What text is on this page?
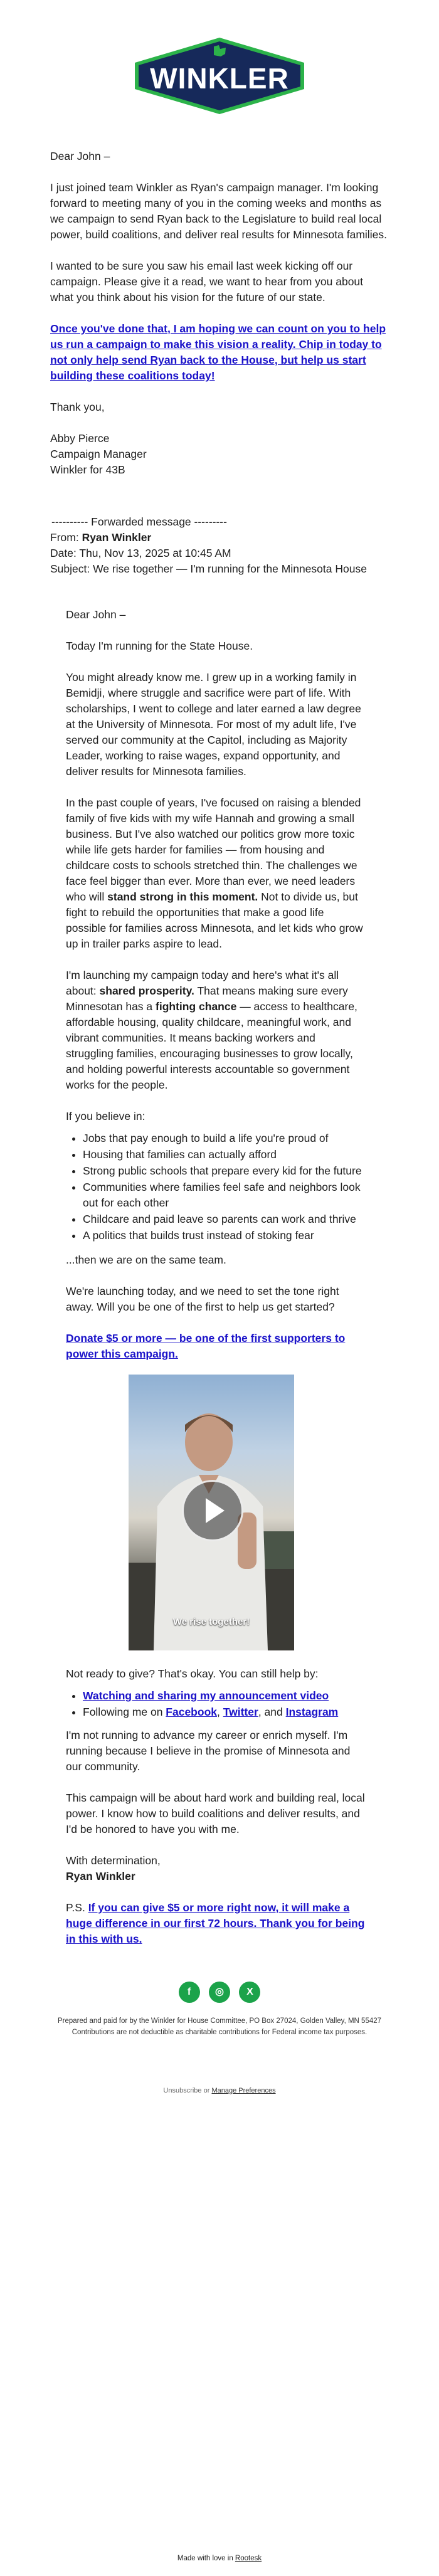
WINKLER

Dear John –

I just joined team Winkler as Ryan's campaign manager. I'm looking forward to meeting many of you in the coming weeks and months as we campaign to send Ryan back to the Legislature to build real local power, build coalitions, and deliver real results for Minnesota families.

I wanted to be sure you saw his email last week kicking off our campaign. Please give it a read, we want to hear from you about what you think about his vision for the future of our state.

Once you've done that, I am hoping we can count on you to help us run a campaign to make this vision a reality. Chip in today to not only help send Ryan back to the House, but help us start building these coalitions today!

Thank you,

Abby Pierce
Campaign Manager
Winkler for 43B
---------- Forwarded message ---------
From: Ryan Winkler
Date: Thu, Nov 13, 2025 at 10:45 AM
Subject: We rise together — I'm running for the Minnesota House

Dear John –

Today I'm running for the State House.

You might already know me. I grew up in a working family in Bemidji, where struggle and sacrifice were part of life. With scholarships, I went to college and later earned a law degree at the University of Minnesota. For most of my adult life, I've served our community at the Capitol, including as Majority Leader, working to raise wages, expand opportunity, and deliver results for Minnesota families.

In the past couple of years, I've focused on raising a blended family of five kids with my wife Hannah and growing a small business. But I've also watched our politics grow more toxic while life gets harder for families — from housing and childcare costs to schools stretched thin. The challenges we face feel bigger than ever. More than ever, we need leaders who will stand strong in this moment. Not to divide us, but fight to rebuild the opportunities that make a good life possible for families across Minnesota, and let kids who grow up in trailer parks aspire to lead.

I'm launching my campaign today and here's what it's all about: shared prosperity. That means making sure every Minnesotan has a fighting chance — access to healthcare, affordable housing, quality childcare, meaningful work, and vibrant communities. It means backing workers and struggling families, encouraging businesses to grow locally, and holding powerful interests accountable so government works for the people.

If you believe in:

• Jobs that pay enough to build a life you're proud of
• Housing that families can actually afford
• Strong public schools that prepare every kid for the future
• Communities where families feel safe and neighbors look out for each other
• Childcare and paid leave so parents can work and thrive
• A politics that builds trust instead of stoking fear

...then we are on the same team.

We're launching today, and we need to set the tone right away. Will you be one of the first to help us get started?

Donate $5 or more — be one of the first supporters to power this campaign.

We rise together!

Not ready to give? That's okay. You can still help by:

• Watching and sharing my announcement video
• Following me on Facebook, Twitter, and Instagram

I'm not running to advance my career or enrich myself. I'm running because I believe in the promise of Minnesota and our community.

This campaign will be about hard work and building real, local power. I know how to build coalitions and deliver results, and I'd be honored to have you with me.

With determination,

Ryan Winkler

P.S. If you can give $5 or more right now, it will make a huge difference in our first 72 hours. Thank you for being in this with us.

f ◎ X
Prepared and paid for by the Winkler for House Committee, PO Box 27024, Golden Valley, MN 55427
Contributions are not deductible as charitable contributions for Federal income tax purposes.
Unsubscribe or Manage Preferences
Made with love in Rootesk
